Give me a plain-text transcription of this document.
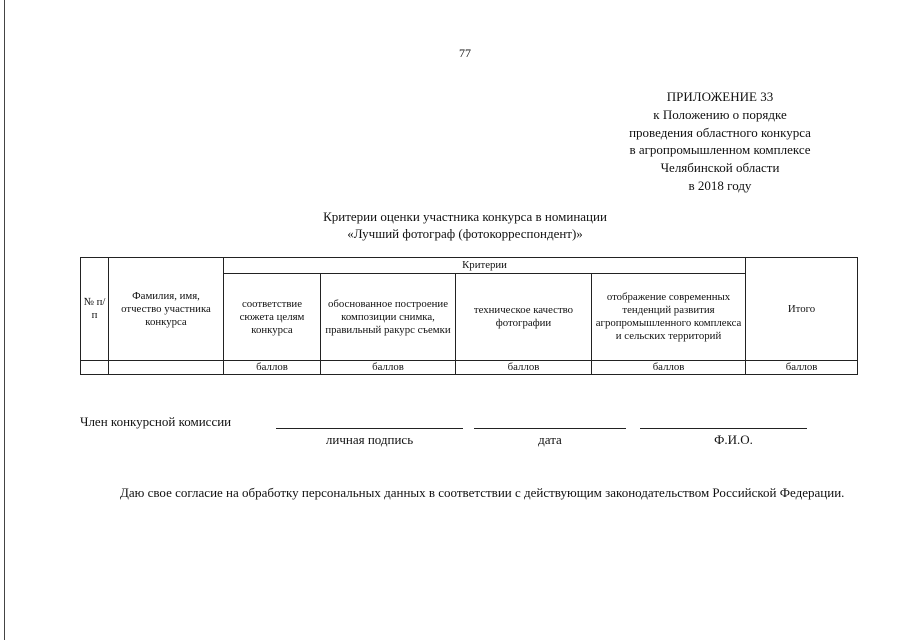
77
ПРИЛОЖЕНИЕ 33
к Положению о порядке
проведения областного конкурса
в агропромышленном комплексе
Челябинской области
в 2018 году
Критерии оценки участника конкурса в номинации
«Лучший фотограф (фотокорреспондент)»
№ п/п	Фамилия, имя, отчество участника конкурса	Критерии				Итого
		соответствие сюжета целям конкурса	обоснованное построение композиции снимка, правильный ракурс съемки	техническое качество фотографии	отображение современных тенденций развития агропромышленного комплекса и сельских территорий	
		баллов	баллов	баллов	баллов	баллов
Член конкурсной комиссии
личная подпись	дата	Ф.И.О.
Даю свое согласие на обработку персональных данных в соответствии с действующим законодательством Российской Федерации.
